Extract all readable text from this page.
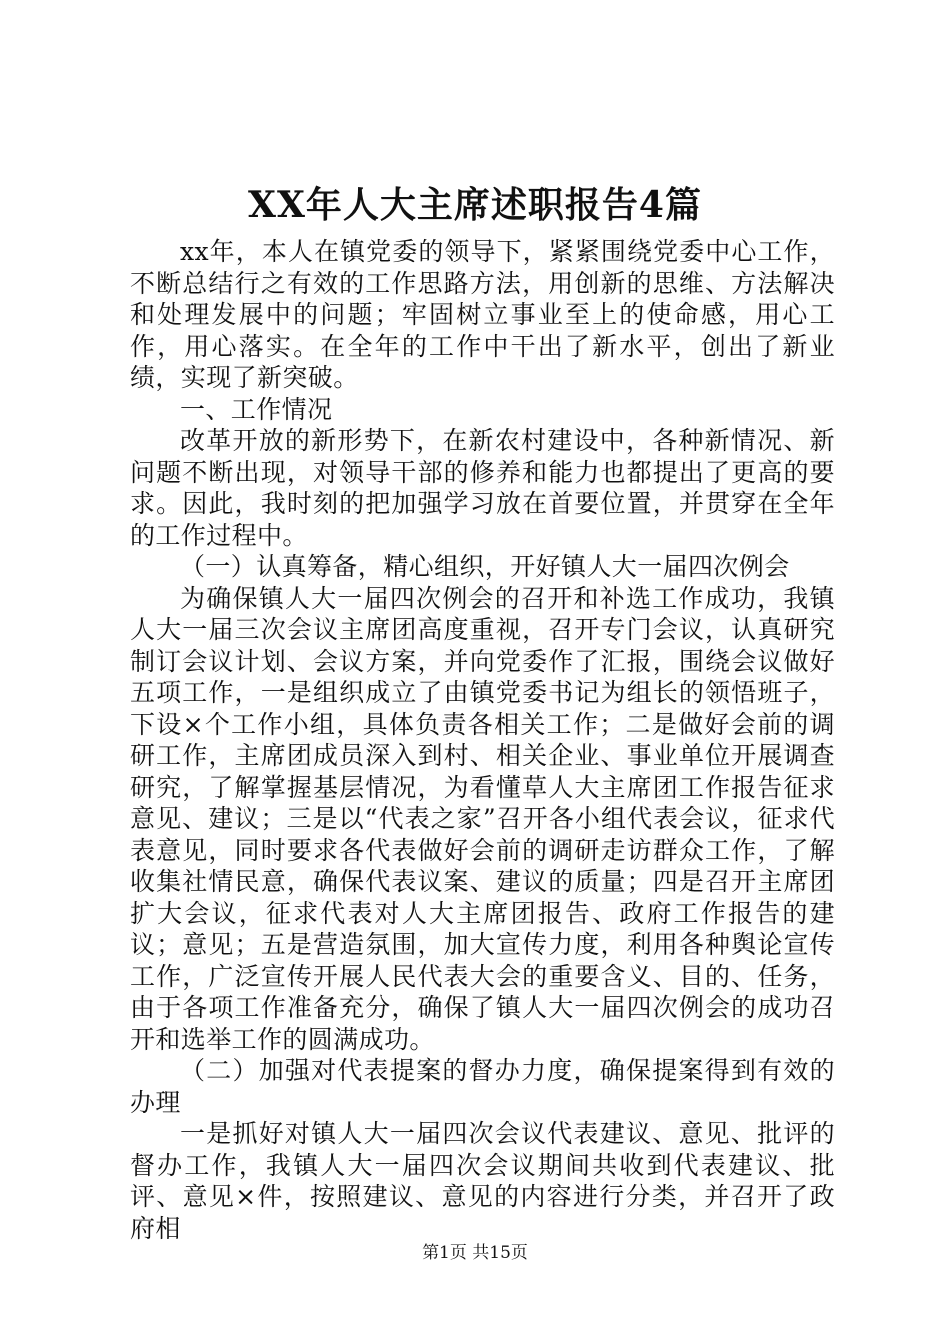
XX年人大主席述职报告4篇

xx年，本人在镇党委的领导下，紧紧围绕党委中心工作，不断总结行之有效的工作思路方法，用创新的思维、方法解决和处理发展中的问题；牢固树立事业至上的使命感，用心工作，用心落实。在全年的工作中干出了新水平，创出了新业绩，实现了新突破。

一、工作情况

改革开放的新形势下，在新农村建设中，各种新情况、新问题不断出现，对领导干部的修养和能力也都提出了更高的要求。因此，我时刻的把加强学习放在首要位置，并贯穿在全年的工作过程中。

（一）认真筹备，精心组织，开好镇人大一届四次例会

为确保镇人大一届四次例会的召开和补选工作成功，我镇人大一届三次会议主席团高度重视，召开专门会议，认真研究制订会议计划、会议方案，并向党委作了汇报，围绕会议做好五项工作，一是组织成立了由镇党委书记为组长的领悟班子，下设×个工作小组，具体负责各相关工作；二是做好会前的调研工作，主席团成员深入到村、相关企业、事业单位开展调查研究，了解掌握基层情况，为看懂草人大主席团工作报告征求意见、建议；三是以“代表之家”召开各小组代表会议，征求代表意见，同时要求各代表做好会前的调研走访群众工作，了解收集社情民意，确保代表议案、建议的质量；四是召开主席团扩大会议，征求代表对人大主席团报告、政府工作报告的建议；意见；五是营造氛围，加大宣传力度，利用各种舆论宣传工作，广泛宣传开展人民代表大会的重要含义、目的、任务，由于各项工作准备充分，确保了镇人大一届四次例会的成功召开和选举工作的圆满成功。

（二）加强对代表提案的督办力度，确保提案得到有效的办理

一是抓好对镇人大一届四次会议代表建议、意见、批评的督办工作，我镇人大一届四次会议期间共收到代表建议、批评、意见×件，按照建议、意见的内容进行分类，并召开了政府相

第1页 共15页
